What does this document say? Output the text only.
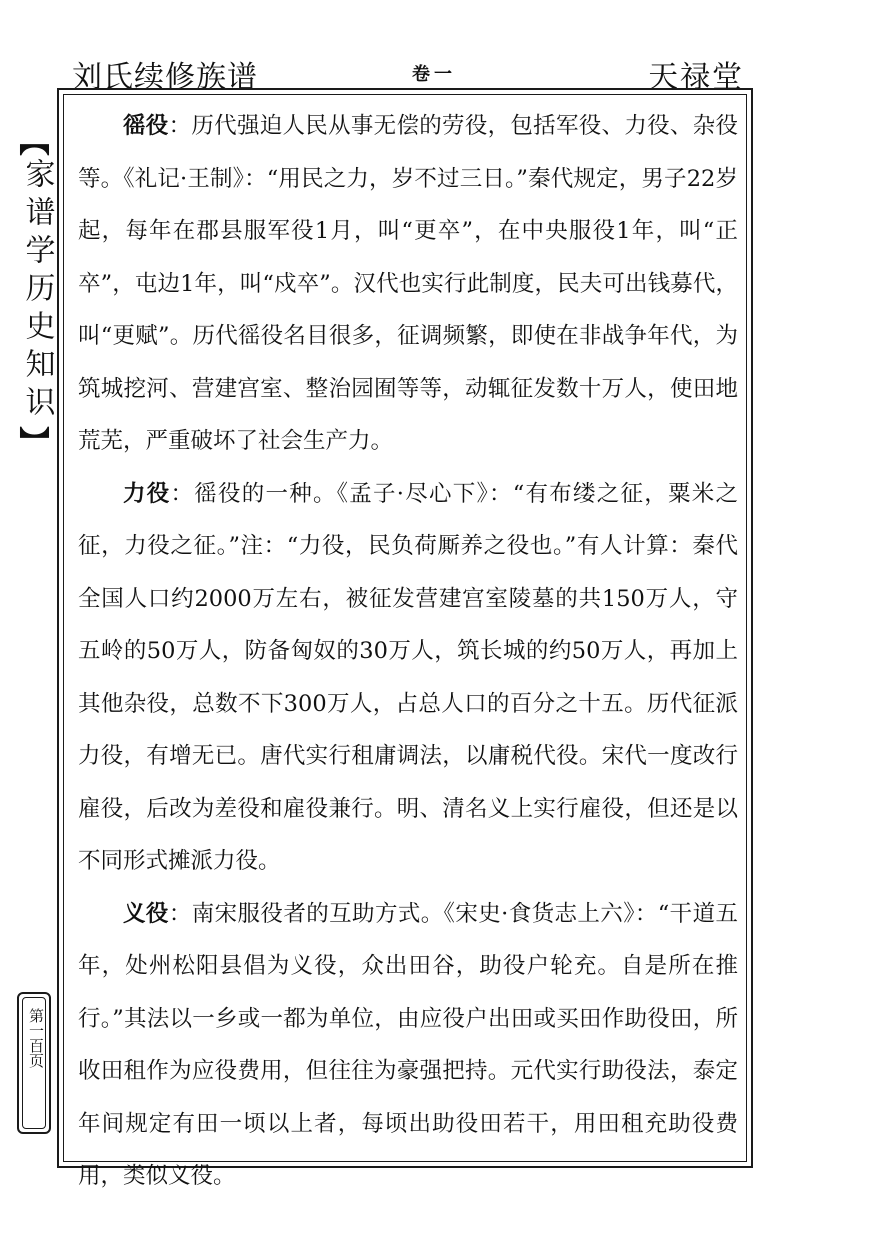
刘氏续修族谱	卷一	天禄堂
【
家谱学历史知识
】

徭役：历代强迫人民从事无偿的劳役，包括军役、力役、杂役等。《礼记·王制》：“用民之力，岁不过三日。”秦代规定，男子22岁起，每年在郡县服军役1月，叫“更卒”，在中央服役1年，叫“正卒”，屯边1年，叫“戍卒”。汉代也实行此制度，民夫可出钱募代，叫“更赋”。历代徭役名目很多，征调频繁，即使在非战争年代，为筑城挖河、营建宫室、整治园囿等等，动辄征发数十万人，使田地荒芜，严重破坏了社会生产力。

力役：徭役的一种。《孟子·尽心下》：“有布缕之征，粟米之征，力役之征。”注：“力役，民负荷厮养之役也。”有人计算：秦代全国人口约2000万左右，被征发营建宫室陵墓的共150万人，守五岭的50万人，防备匈奴的30万人，筑长城的约50万人，再加上其他杂役，总数不下300万人，占总人口的百分之十五。历代征派力役，有增无已。唐代实行租庸调法，以庸税代役。宋代一度改行雇役，后改为差役和雇役兼行。明、清名义上实行雇役，但还是以不同形式摊派力役。

义役：南宋服役者的互助方式。《宋史·食货志上六》：“干道五年，处州松阳县倡为义役，众出田谷，助役户轮充。自是所在推行。”其法以一乡或一都为单位，由应役户出田或买田作助役田，所收田租作为应役费用，但往往为豪强把持。元代实行助役法，泰定年间规定有田一顷以上者，每顷出助役田若干，用田租充助役费用，类似义役。

第一百页
